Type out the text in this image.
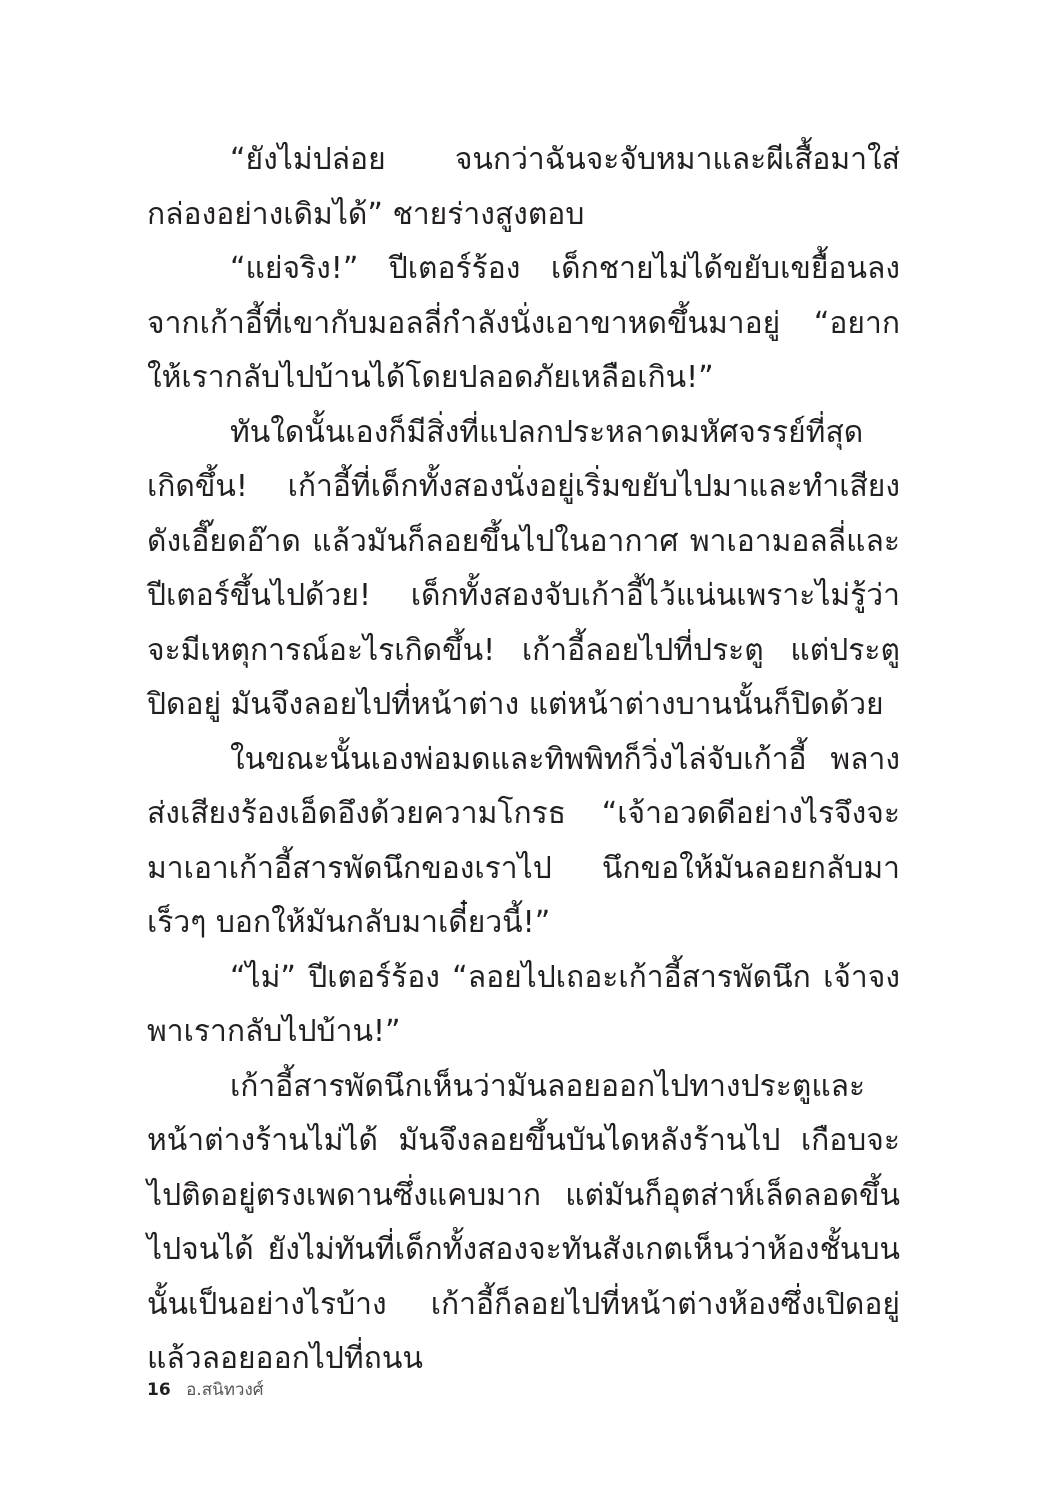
“ยังไม่ปล่อย จนกว่าฉันจะจับหมาและผีเสื้อมาใส่กล่องอย่างเดิมได้” ชายร่างสูงตอบ

“แย่จริง!” ปีเตอร์ร้อง เด็กชายไม่ได้ขยับเขยื้อนลงจากเก้าอี้ที่เขากับมอลลี่กำลังนั่งเอาขาหดขึ้นมาอยู่ “อยากให้เรากลับไปบ้านได้โดยปลอดภัยเหลือเกิน!”

ทันใดนั้นเองก็มีสิ่งที่แปลกประหลาดมหัศจรรย์ที่สุดเกิดขึ้น! เก้าอี้ที่เด็กทั้งสองนั่งอยู่เริ่มขยับไปมาและทำเสียงดังเอี๊ยดอ๊าด แล้วมันก็ลอยขึ้นไปในอากาศ พาเอามอลลี่และปีเตอร์ขึ้นไปด้วย! เด็กทั้งสองจับเก้าอี้ไว้แน่นเพราะไม่รู้ว่าจะมีเหตุการณ์อะไรเกิดขึ้น! เก้าอี้ลอยไปที่ประตู แต่ประตูปิดอยู่ มันจึงลอยไปที่หน้าต่าง แต่หน้าต่างบานนั้นก็ปิดด้วย

ในขณะนั้นเองพ่อมดและทิพพิทก็วิ่งไล่จับเก้าอี้ พลางส่งเสียงร้องเอ็ดอึงด้วยความโกรธ “เจ้าอวดดีอย่างไรจึงจะมาเอาเก้าอี้สารพัดนึกของเราไป นึกขอให้มันลอยกลับมาเร็วๆ บอกให้มันกลับมาเดี๋ยวนี้!”

“ไม่” ปีเตอร์ร้อง “ลอยไปเถอะเก้าอี้สารพัดนึก เจ้าจงพาเรากลับไปบ้าน!”

เก้าอี้สารพัดนึกเห็นว่ามันลอยออกไปทางประตูและหน้าต่างร้านไม่ได้ มันจึงลอยขึ้นบันไดหลังร้านไป เกือบจะไปติดอยู่ตรงเพดานซึ่งแคบมาก แต่มันก็อุตส่าห์เล็ดลอดขึ้นไปจนได้ ยังไม่ทันที่เด็กทั้งสองจะทันสังเกตเห็นว่าห้องชั้นบนนั้นเป็นอย่างไรบ้าง เก้าอี้ก็ลอยไปที่หน้าต่างห้องซึ่งเปิดอยู่ แล้วลอยออกไปที่ถนน

16 อ.สนิทวงศ์
